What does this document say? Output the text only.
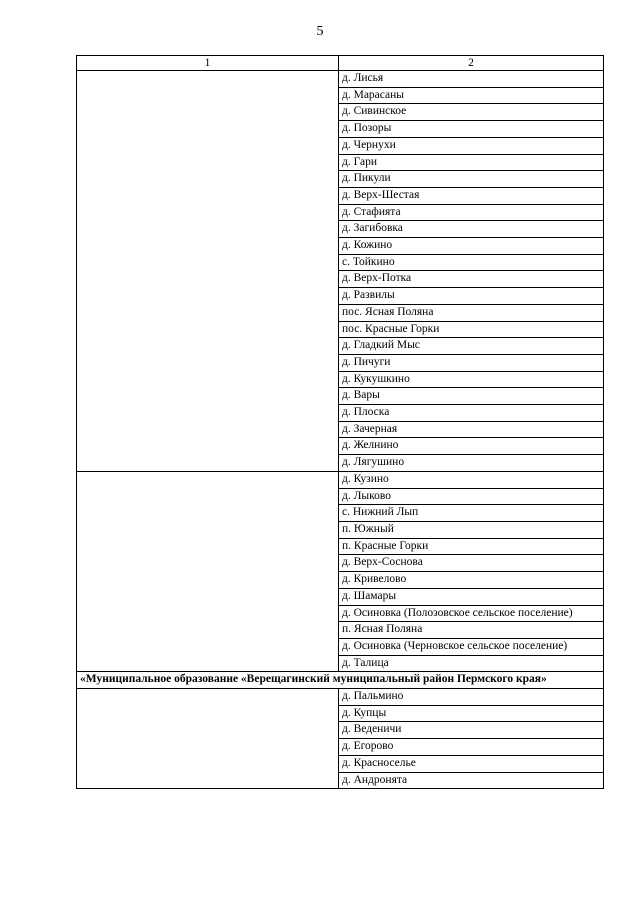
5
1	2
	д. Лисья
	д. Марасаны
	д. Сивинское
	д. Позоры
	д. Чернухи
	д. Гари
	д. Пикули
	д. Верх-Шестая
	д. Стафията
	д. Загибовка
	д. Кожино
	с. Тойкино
	д. Верх-Потка
	д. Развилы
	пос. Ясная Поляна
	пос. Красные Горки
	д. Гладкий Мыс
	д. Пичуги
	д. Кукушкино
	д. Вары
	д. Плоска
	д. Зачерная
	д. Желнино
	д. Лягушино
	д. Кузино
	д. Лыково
	с. Нижний Лып
	п. Южный
	п. Красные Горки
	д. Верх-Соснова
	д. Кривелово
	д. Шамары
	д. Осиновка (Полозовское сельское поселение)
	п. Ясная Поляна
	д. Осиновка (Черновское сельское поселение)
	д. Талица
«Муниципальное образование «Верещагинский муниципальный район Пермского края»	
	д. Пальмино
	д. Купцы
	д. Веденичи
	д. Егорово
	д. Красноселье
	д. Андронята
